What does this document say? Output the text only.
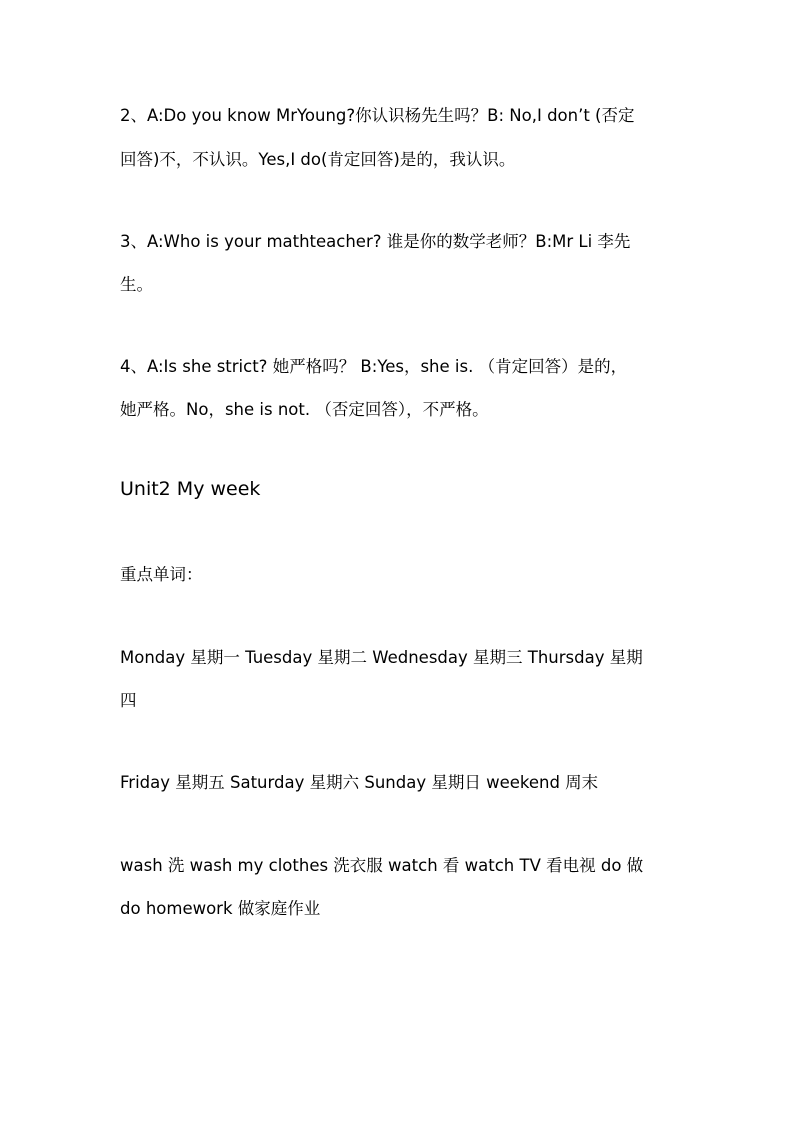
2、A:Do you know MrYoung?你认识杨先生吗？B: No,I don’t (否定
回答)不，不认识。Yes,I do(肯定回答)是的，我认识。
3、A:Who is your mathteacher? 谁是你的数学老师？B:Mr Li 李先
生。
4、A:Is she strict? 她严格吗？ B:Yes，she is. （肯定回答）是的，
她严格。No，she is not. （否定回答），不严格。
Unit2 My week
重点单词：
Monday 星期一 Tuesday 星期二 Wednesday 星期三 Thursday 星期
四
Friday 星期五 Saturday 星期六 Sunday 星期日 weekend 周末
wash 洗 wash my clothes 洗衣服 watch 看 watch TV 看电视 do 做
do homework 做家庭作业
